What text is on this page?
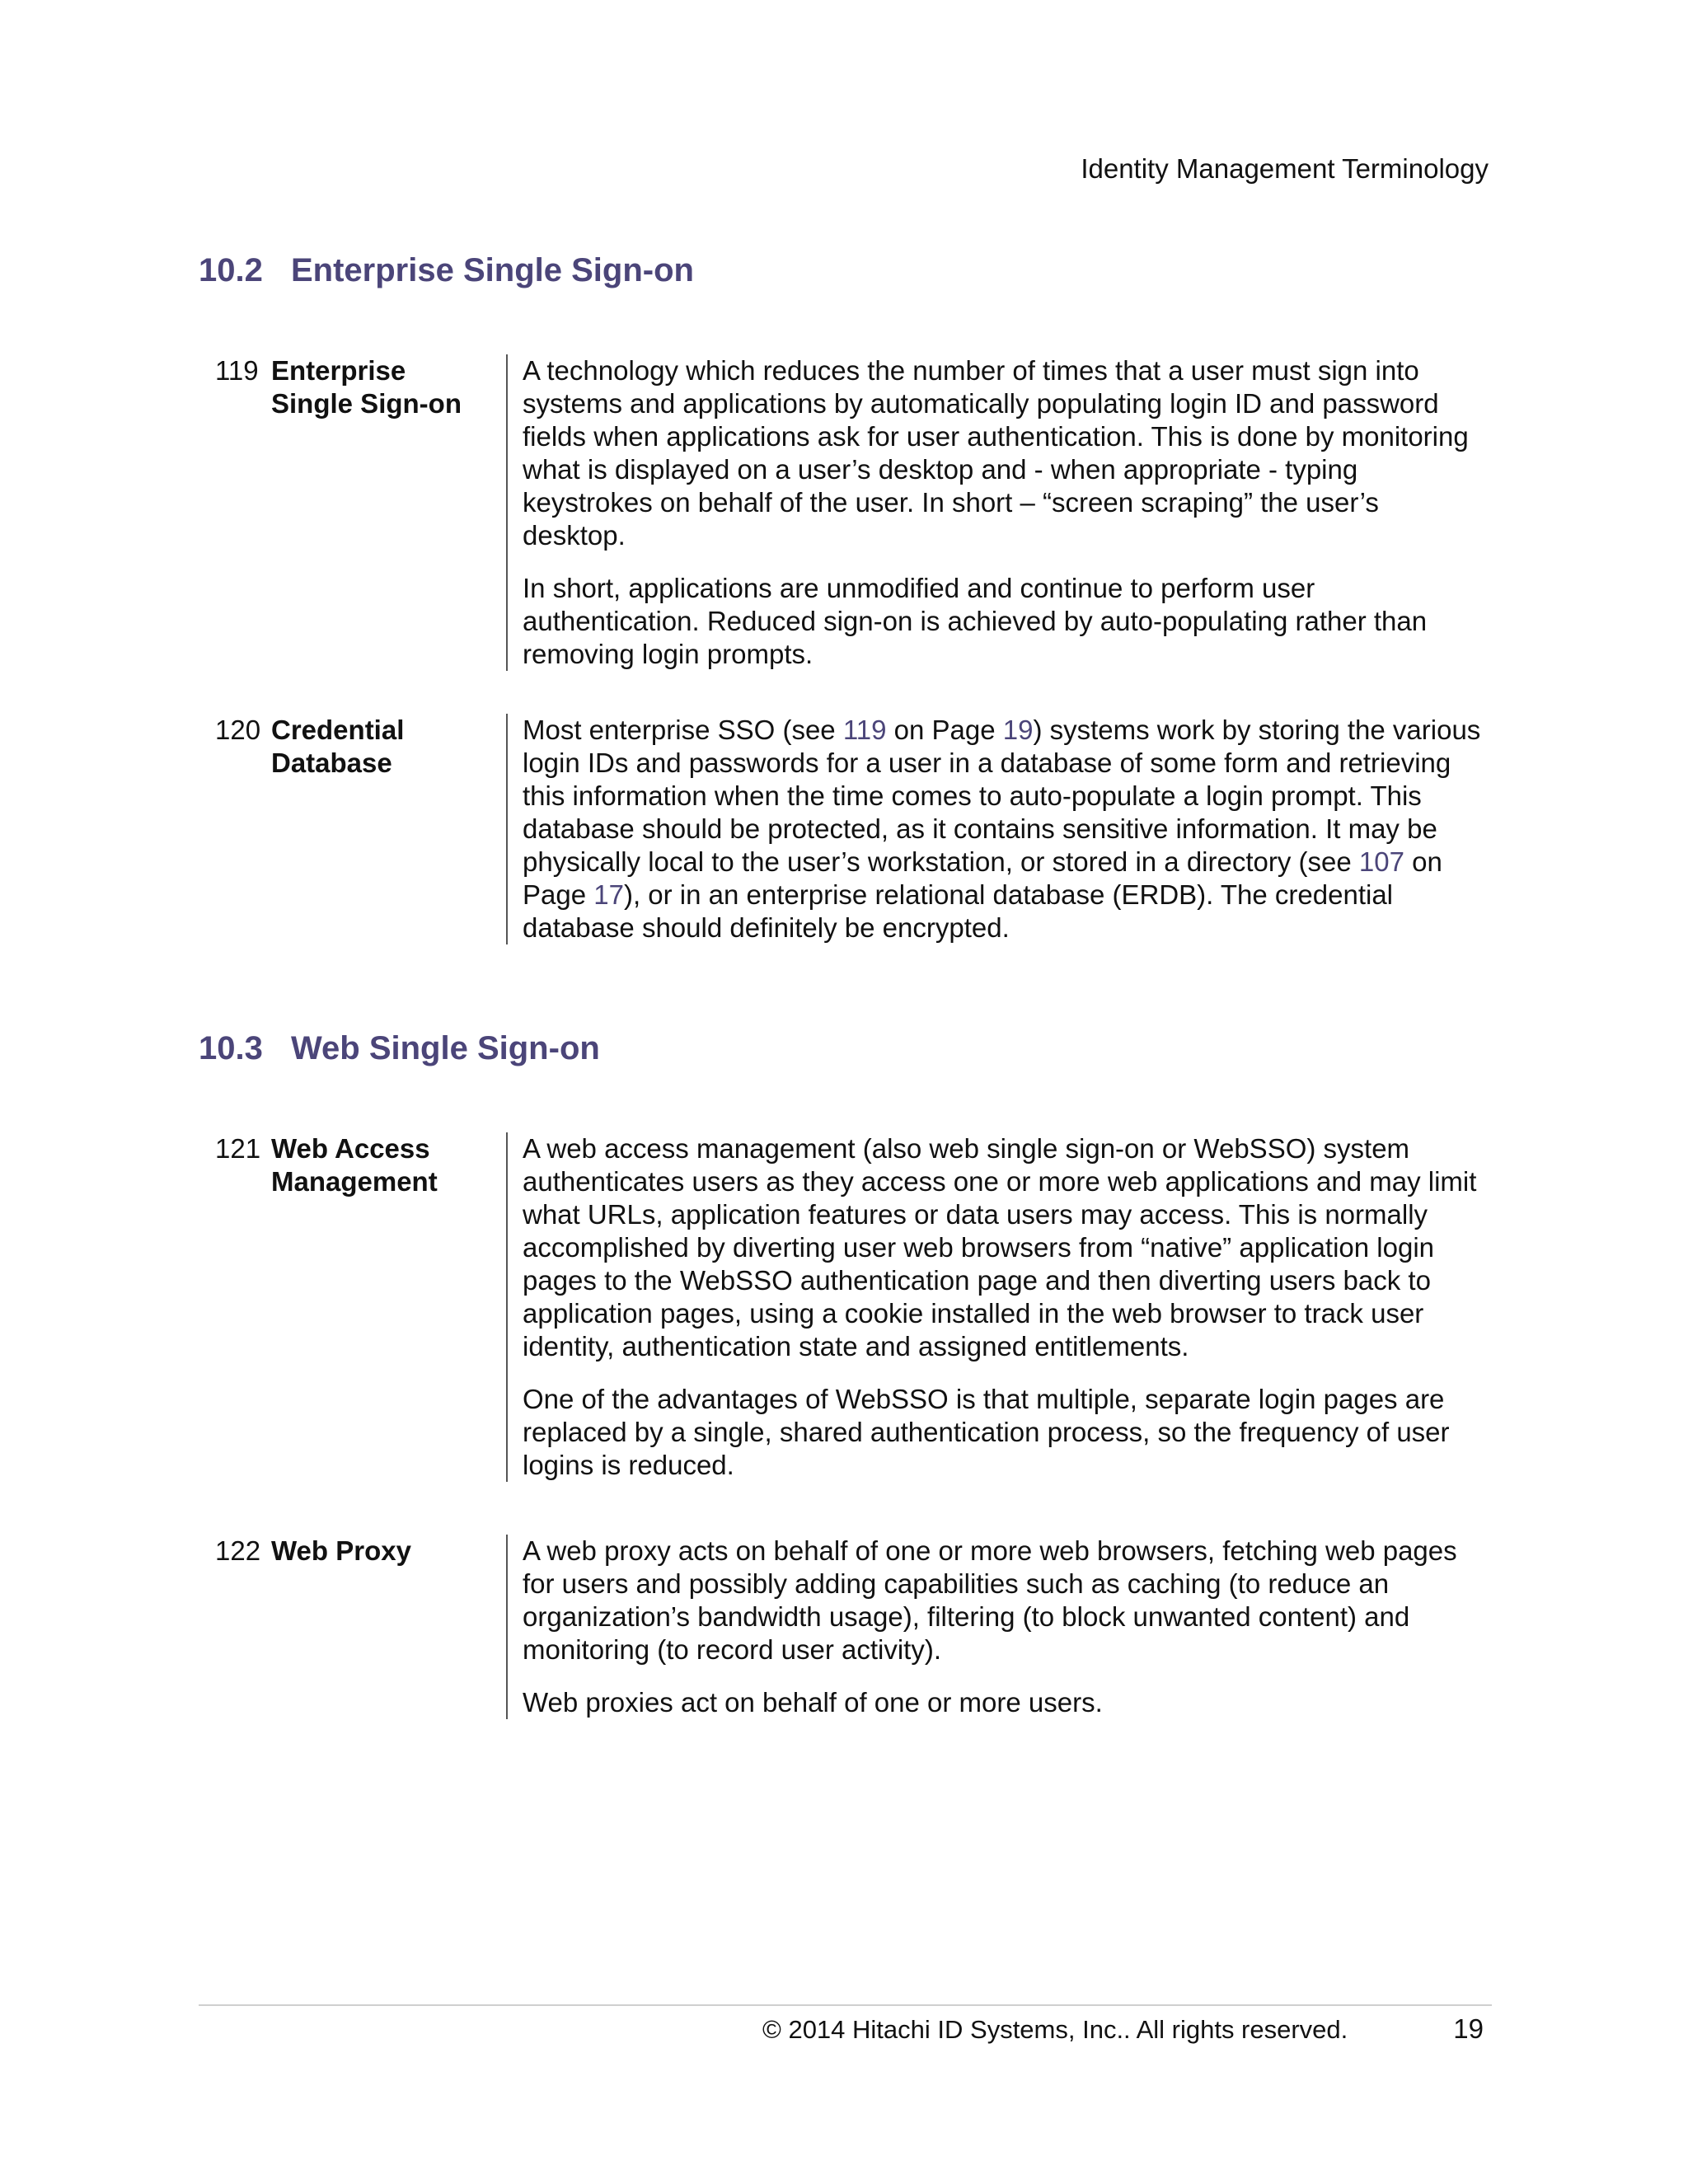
Identity Management Terminology
10.2 Enterprise Single Sign-on
119 Enterprise Single Sign-on

A technology which reduces the number of times that a user must sign into systems and applications by automatically populating login ID and password fields when applications ask for user authentication. This is done by monitoring what is displayed on a user’s desktop and - when appropriate - typing keystrokes on behalf of the user. In short – “screen scraping” the user’s desktop.

In short, applications are unmodified and continue to perform user authentication. Reduced sign-on is achieved by auto-populating rather than removing login prompts.

120 Credential Database

Most enterprise SSO (see 119 on Page 19) systems work by storing the various login IDs and passwords for a user in a database of some form and retrieving this information when the time comes to auto-populate a login prompt. This database should be protected, as it contains sensitive information. It may be physically local to the user’s workstation, or stored in a directory (see 107 on Page 17), or in an enterprise relational database (ERDB). The credential database should definitely be encrypted.

10.3 Web Single Sign-on
121 Web Access Management

A web access management (also web single sign-on or WebSSO) system authenticates users as they access one or more web applications and may limit what URLs, application features or data users may access. This is normally accomplished by diverting user web browsers from “native” application login pages to the WebSSO authentication page and then diverting users back to application pages, using a cookie installed in the web browser to track user identity, authentication state and assigned entitlements.

One of the advantages of WebSSO is that multiple, separate login pages are replaced by a single, shared authentication process, so the frequency of user logins is reduced.

122 Web Proxy	A web proxy acts on behalf of one or more web browsers, fetching web pages for users and possibly adding capabilities such as caching (to reduce an organization’s bandwidth usage), filtering (to block unwanted content) and monitoring (to record user activity).

Web proxies act on behalf of one or more users.

© 2014 Hitachi ID Systems, Inc.. All rights reserved.	19
